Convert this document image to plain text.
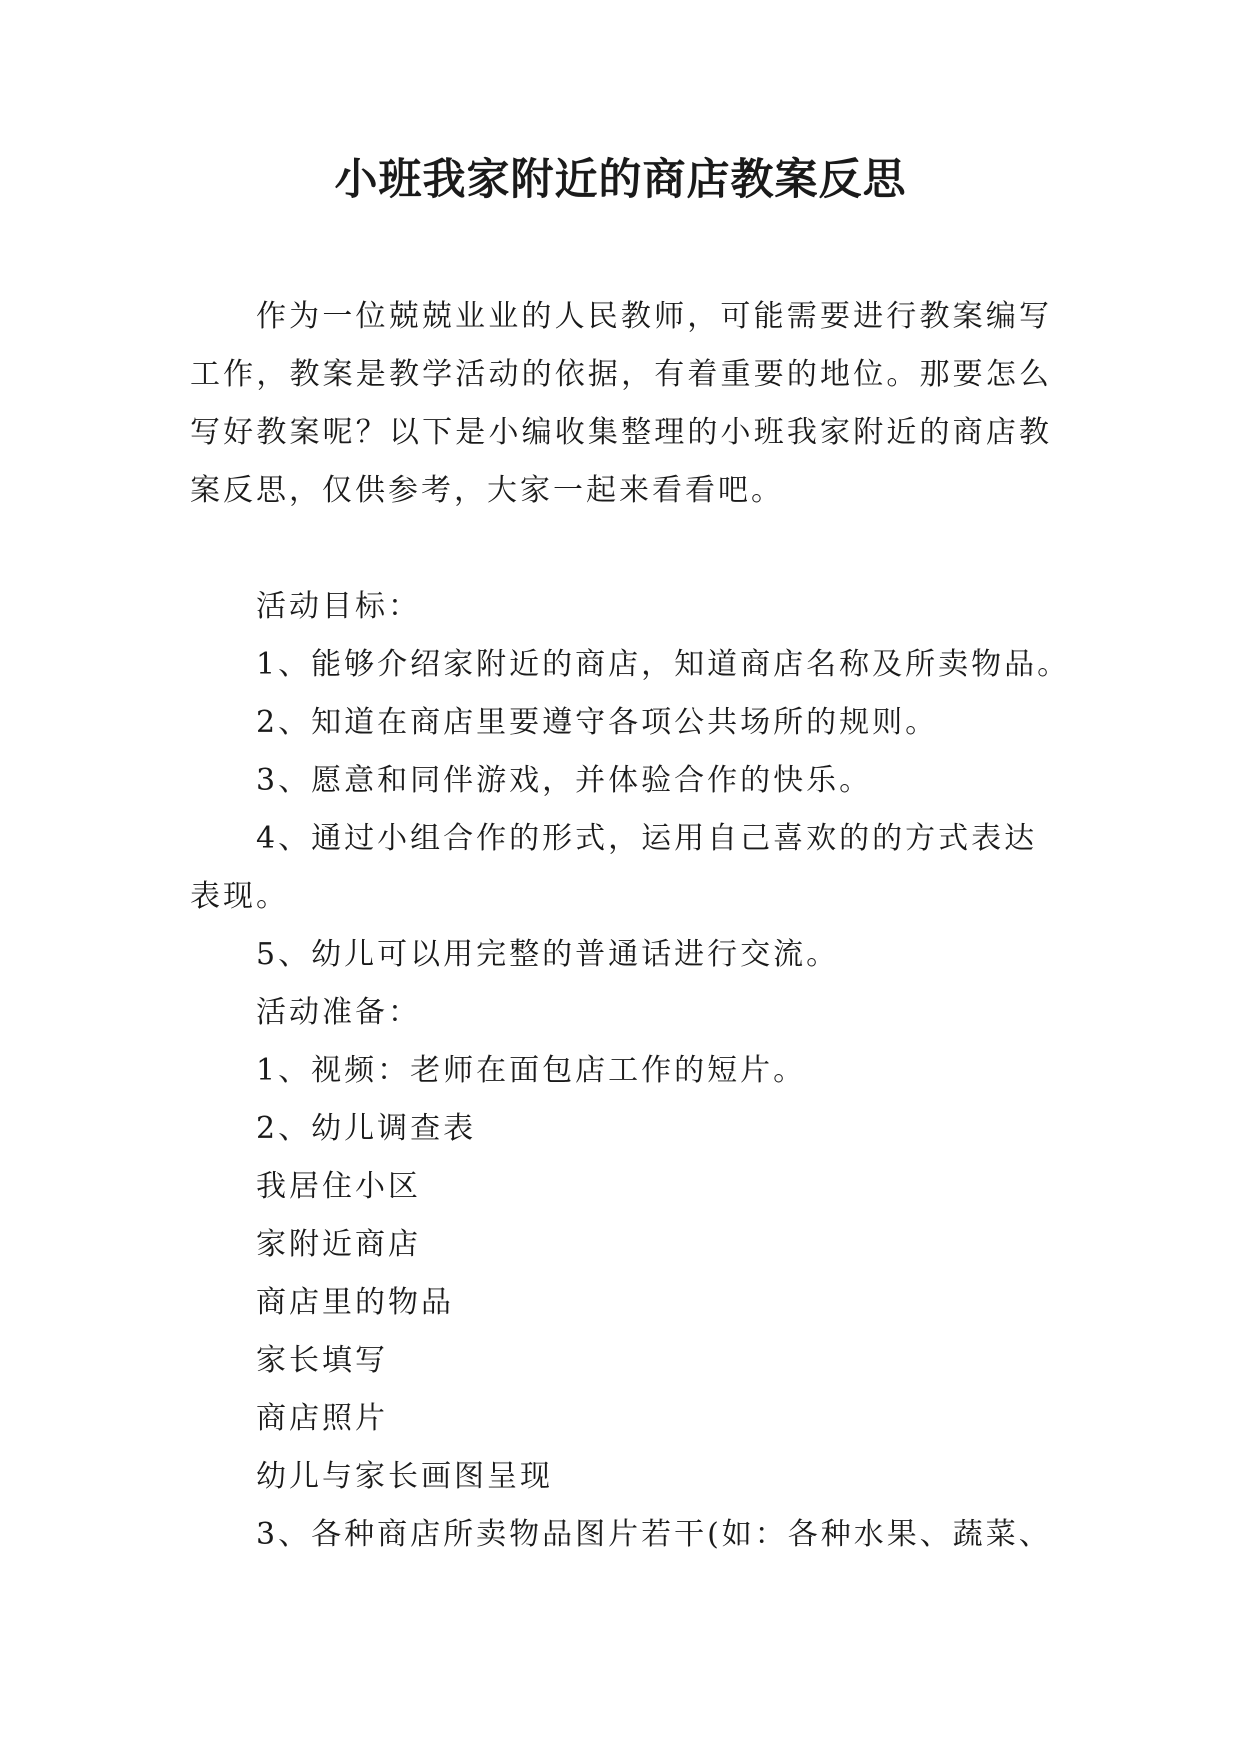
小班我家附近的商店教案反思

作为一位兢兢业业的人民教师，可能需要进行教案编写工作，教案是教学活动的依据，有着重要的地位。那要怎么写好教案呢？以下是小编收集整理的小班我家附近的商店教案反思，仅供参考，大家一起来看看吧。

活动目标：

1、能够介绍家附近的商店，知道商店名称及所卖物品。

2、知道在商店里要遵守各项公共场所的规则。

3、愿意和同伴游戏，并体验合作的快乐。

4、通过小组合作的形式，运用自己喜欢的的方式表达表现。

5、幼儿可以用完整的普通话进行交流。

活动准备：

1、视频：老师在面包店工作的短片。

2、幼儿调查表

我居住小区

家附近商店

商店里的物品

家长填写

商店照片

幼儿与家长画图呈现

3、各种商店所卖物品图片若干(如：各种水果、蔬菜、
